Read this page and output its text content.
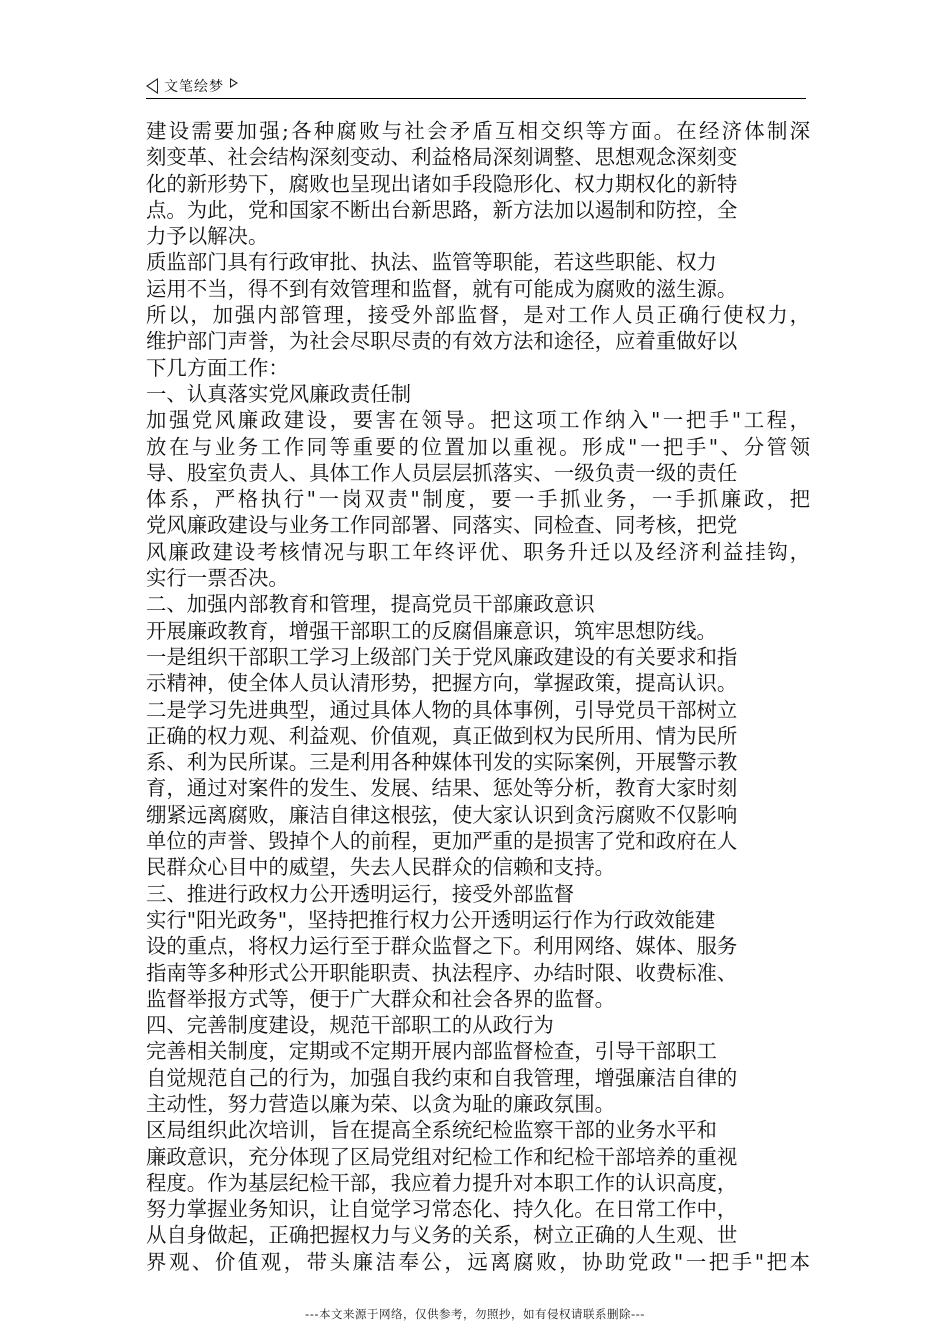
文笔绘梦
建设需要加强;各种腐败与社会矛盾互相交织等方面。在经济体制深
刻变革、社会结构深刻变动、利益格局深刻调整、思想观念深刻变
化的新形势下，腐败也呈现出诸如手段隐形化、权力期权化的新特
点。为此，党和国家不断出台新思路，新方法加以遏制和防控，全
力予以解决。
质监部门具有行政审批、执法、监管等职能，若这些职能、权力
运用不当，得不到有效管理和监督，就有可能成为腐败的滋生源。
所以，加强内部管理，接受外部监督，是对工作人员正确行使权力，
维护部门声誉，为社会尽职尽责的有效方法和途径，应着重做好以
下几方面工作：
一、认真落实党风廉政责任制
加强党风廉政建设，要害在领导。把这项工作纳入"一把手"工程，
放在与业务工作同等重要的位置加以重视。形成"一把手"、分管领
导、股室负责人、具体工作人员层层抓落实、一级负责一级的责任
体系，严格执行"一岗双责"制度，要一手抓业务，一手抓廉政，把
党风廉政建设与业务工作同部署、同落实、同检查、同考核，把党
风廉政建设考核情况与职工年终评优、职务升迁以及经济利益挂钩，
实行一票否决。
二、加强内部教育和管理，提高党员干部廉政意识
开展廉政教育，增强干部职工的反腐倡廉意识，筑牢思想防线。
一是组织干部职工学习上级部门关于党风廉政建设的有关要求和指
示精神，使全体人员认清形势，把握方向，掌握政策，提高认识。
二是学习先进典型，通过具体人物的具体事例，引导党员干部树立
正确的权力观、利益观、价值观，真正做到权为民所用、情为民所
系、利为民所谋。三是利用各种媒体刊发的实际案例，开展警示教
育，通过对案件的发生、发展、结果、惩处等分析，教育大家时刻
绷紧远离腐败，廉洁自律这根弦，使大家认识到贪污腐败不仅影响
单位的声誉、毁掉个人的前程，更加严重的是损害了党和政府在人
民群众心目中的威望，失去人民群众的信赖和支持。
三、推进行政权力公开透明运行，接受外部监督
实行"阳光政务"，坚持把推行权力公开透明运行作为行政效能建
设的重点，将权力运行至于群众监督之下。利用网络、媒体、服务
指南等多种形式公开职能职责、执法程序、办结时限、收费标准、
监督举报方式等，便于广大群众和社会各界的监督。
四、完善制度建设，规范干部职工的从政行为
完善相关制度，定期或不定期开展内部监督检查，引导干部职工
自觉规范自己的行为，加强自我约束和自我管理，增强廉洁自律的
主动性，努力营造以廉为荣、以贪为耻的廉政氛围。
区局组织此次培训，旨在提高全系统纪检监察干部的业务水平和
廉政意识，充分体现了区局党组对纪检工作和纪检干部培养的重视
程度。作为基层纪检干部，我应着力提升对本职工作的认识高度，
努力掌握业务知识，让自觉学习常态化、持久化。在日常工作中，
从自身做起，正确把握权力与义务的关系，树立正确的人生观、世
界观、价值观，带头廉洁奉公，远离腐败，协助党政"一把手"把本
---本文来源于网络，仅供参考，勿照抄，如有侵权请联系删除---
